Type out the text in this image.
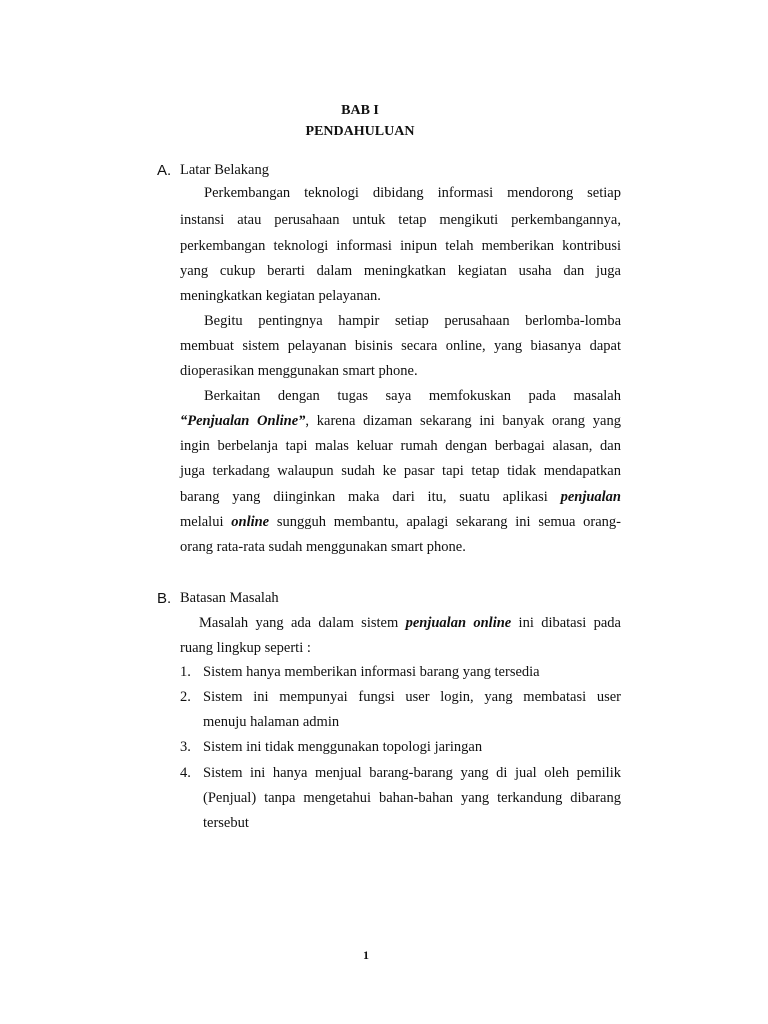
BAB I
PENDAHULUAN
A. Latar Belakang
Perkembangan teknologi dibidang informasi mendorong setiap
instansi atau perusahaan untuk tetap mengikuti perkembangannya,
perkembangan teknologi informasi inipun telah memberikan kontribusi
yang cukup berarti dalam meningkatkan kegiatan usaha dan juga
meningkatkan kegiatan pelayanan.
Begitu pentingnya hampir setiap perusahaan berlomba-lomba
membuat sistem pelayanan bisinis secara online, yang biasanya dapat
dioperasikan menggunakan smart phone.
Berkaitan dengan tugas saya memfokuskan pada masalah
“Penjualan Online”, karena dizaman sekarang ini banyak orang yang
ingin berbelanja tapi malas keluar rumah dengan berbagai alasan, dan
juga terkadang walaupun sudah ke pasar tapi tetap tidak mendapatkan
barang yang diinginkan maka dari itu, suatu aplikasi penjualan
melalui online sungguh membantu, apalagi sekarang ini semua orang-
orang rata-rata sudah menggunakan smart phone.
B. Batasan Masalah
Masalah yang ada dalam sistem penjualan online ini dibatasi pada
ruang lingkup seperti :
1. Sistem hanya memberikan informasi barang yang tersedia
2. Sistem ini mempunyai fungsi user login, yang membatasi user
menuju halaman admin
3. Sistem ini tidak menggunakan topologi jaringan
4. Sistem ini hanya menjual barang-barang yang di jual oleh pemilik
(Penjual) tanpa mengetahui bahan-bahan yang terkandung dibarang
tersebut
1
